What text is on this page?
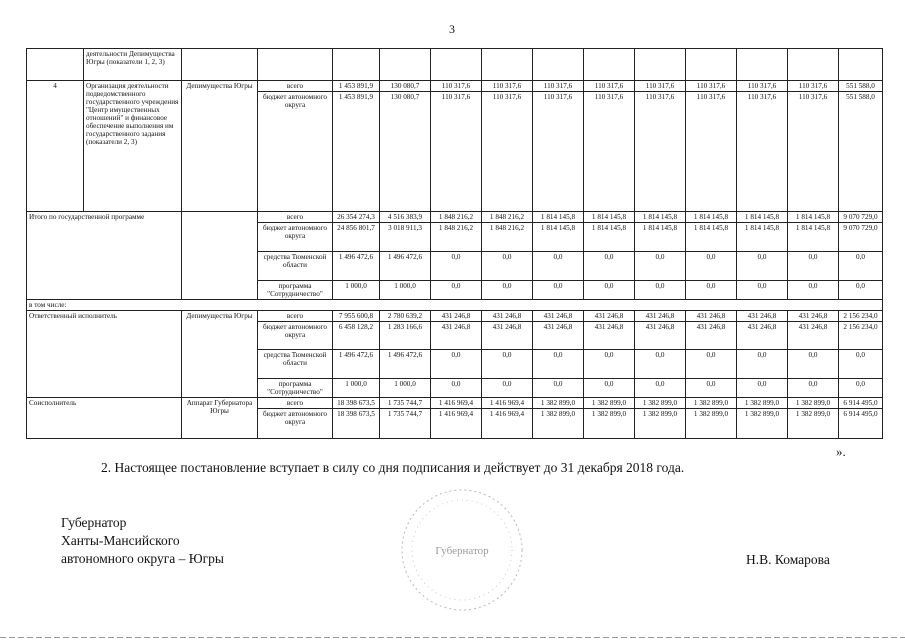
3
	деятельности Депимущества Югры (показатели 1, 2, 3)													
4	Организация деятельности подведомственного государственного учреждения "Центр имущественных отношений" и финансовое обеспечение выполнения им государственного задания (показатели 2, 3)	Депимущества Югры	всего	1 453 891,9	130 080,7	110 317,6	110 317,6	110 317,6	110 317,6	110 317,6	110 317,6	110 317,6	110 317,6	551 588,0
			бюджет автономного округа	1 453 891,9	130 080,7	110 317,6	110 317,6	110 317,6	110 317,6	110 317,6	110 317,6	110 317,6	110 317,6	551 588,0
Итого по государственной программе			всего	26 354 274,3	4 516 383,9	1 848 216,2	1 848 216,2	1 814 145,8	1 814 145,8	1 814 145,8	1 814 145,8	1 814 145,8	1 814 145,8	9 070 729,0
			бюджет автономного округа	24 856 801,7	3 018 911,3	1 848 216,2	1 848 216,2	1 814 145,8	1 814 145,8	1 814 145,8	1 814 145,8	1 814 145,8	1 814 145,8	9 070 729,0
			средства Тюменской области	1 496 472,6	1 496 472,6	0,0	0,0	0,0	0,0	0,0	0,0	0,0	0,0	0,0
			программа "Сотрудничество"	1 000,0	1 000,0	0,0	0,0	0,0	0,0	0,0	0,0	0,0	0,0	0,0
в том числе:														
Ответственный исполнитель		Депимущества Югры	всего	7 955 600,8	2 780 639,2	431 246,8	431 246,8	431 246,8	431 246,8	431 246,8	431 246,8	431 246,8	431 246,8	2 156 234,0
			бюджет автономного округа	6 458 128,2	1 283 166,6	431 246,8	431 246,8	431 246,8	431 246,8	431 246,8	431 246,8	431 246,8	431 246,8	2 156 234,0
			средства Тюменской области	1 496 472,6	1 496 472,6	0,0	0,0	0,0	0,0	0,0	0,0	0,0	0,0	0,0
			программа "Сотрудничество"	1 000,0	1 000,0	0,0	0,0	0,0	0,0	0,0	0,0	0,0	0,0	0,0
Соисполнитель		Аппарат Губернатора Югры	всего	18 398 673,5	1 735 744,7	1 416 969,4	1 416 969,4	1 382 899,0	1 382 899,0	1 382 899,0	1 382 899,0	1 382 899,0	1 382 899,0	6 914 495,0
			бюджет автономного округа	18 398 673,5	1 735 744,7	1 416 969,4	1 416 969,4	1 382 899,0	1 382 899,0	1 382 899,0	1 382 899,0	1 382 899,0	1 382 899,0	6 914 495,0
».
2. Настоящее постановление вступает в силу со дня подписания и действует до 31 декабря 2018 года.
Губернатор
Ханты-Мансийского
автономного округа – Югры	Губернатор
Н.В. Комарова
